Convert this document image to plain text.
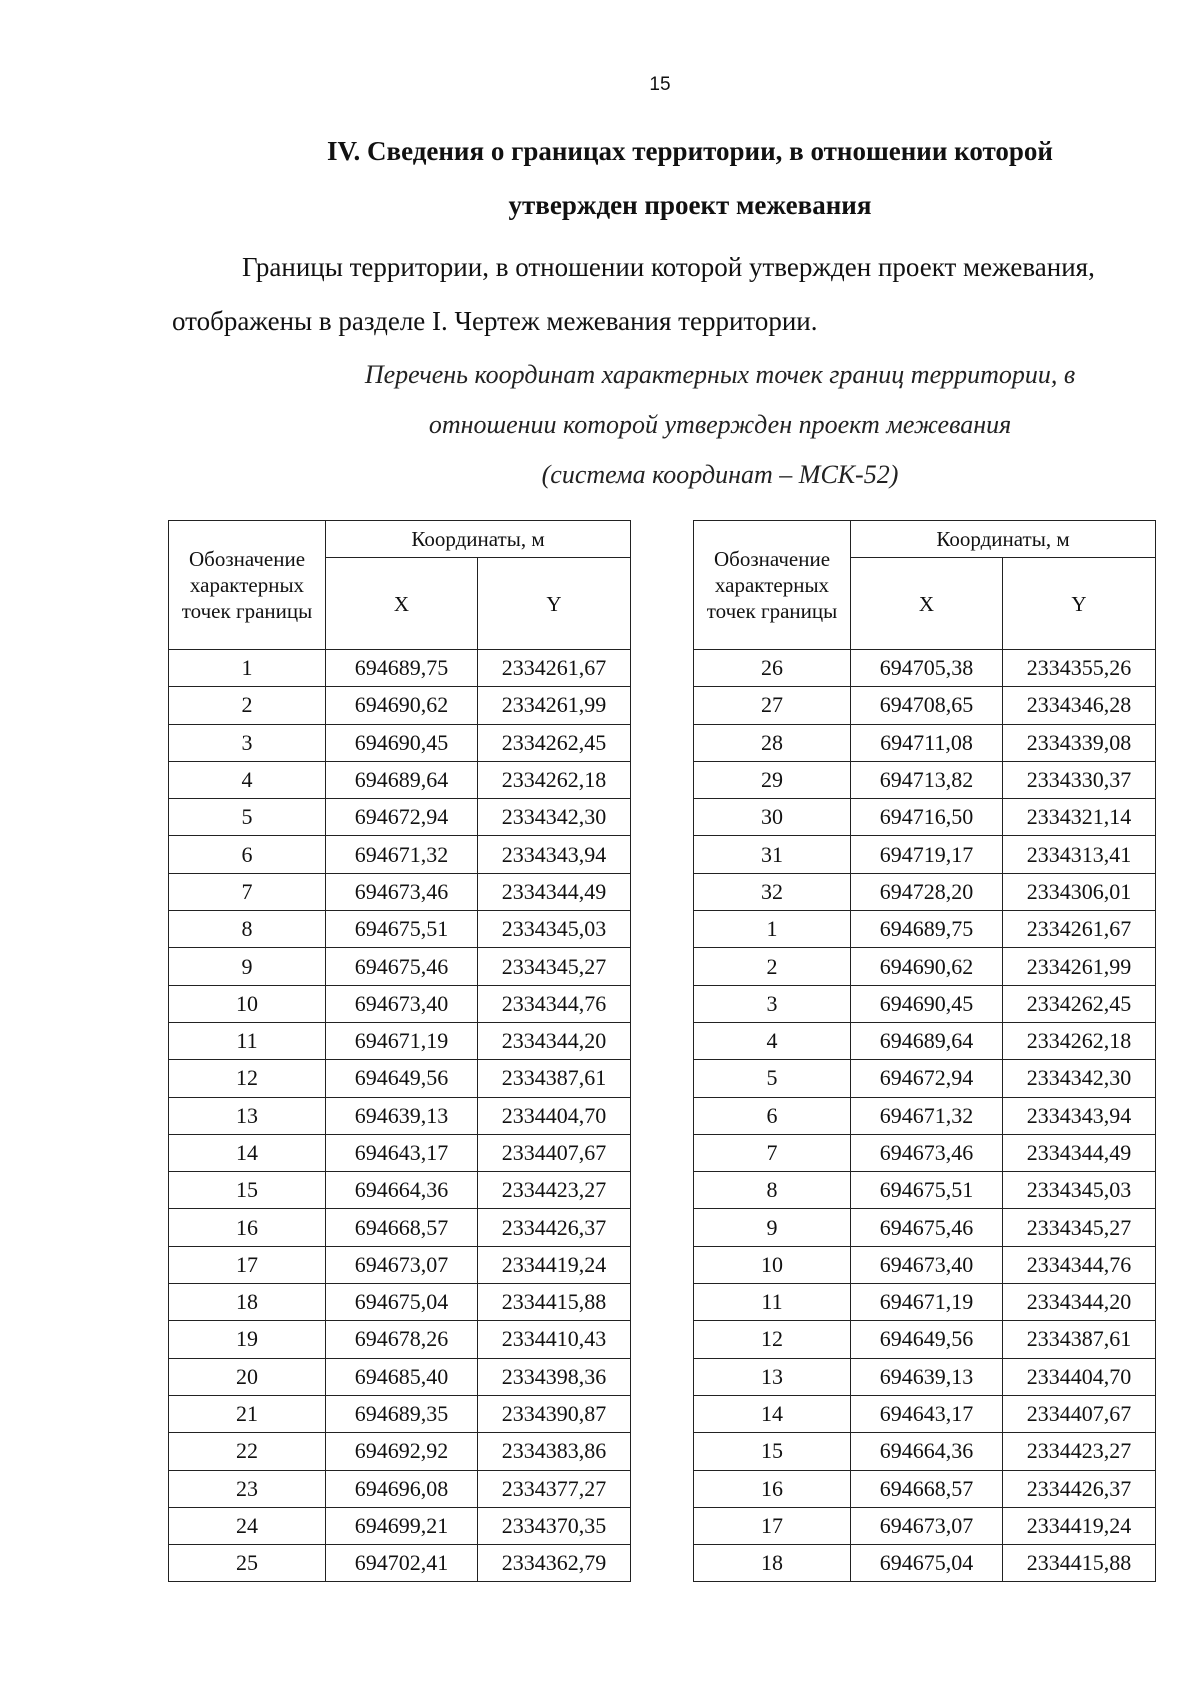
15
IV. Сведения о границах территории, в отношении которой
утвержден проект межевания
Границы территории, в отношении которой утвержден проект межевания,
отображены в разделе I. Чертеж межевания территории.
Перечень координат характерных точек границ территории, в
отношении которой утвержден проект межевания
(система координат – МСК-52)
Обозначение характерных точек границы	Координаты, м	
	X	Y
1	694689,75	2334261,67
2	694690,62	2334261,99
3	694690,45	2334262,45
4	694689,64	2334262,18
5	694672,94	2334342,30
6	694671,32	2334343,94
7	694673,46	2334344,49
8	694675,51	2334345,03
9	694675,46	2334345,27
10	694673,40	2334344,76
11	694671,19	2334344,20
12	694649,56	2334387,61
13	694639,13	2334404,70
14	694643,17	2334407,67
15	694664,36	2334423,27
16	694668,57	2334426,37
17	694673,07	2334419,24
18	694675,04	2334415,88
19	694678,26	2334410,43
20	694685,40	2334398,36
21	694689,35	2334390,87
22	694692,92	2334383,86
23	694696,08	2334377,27
24	694699,21	2334370,35
25	694702,41	2334362,79
Обозначение характерных точек границы	Координаты, м	
	X	Y
26	694705,38	2334355,26
27	694708,65	2334346,28
28	694711,08	2334339,08
29	694713,82	2334330,37
30	694716,50	2334321,14
31	694719,17	2334313,41
32	694728,20	2334306,01
1	694689,75	2334261,67
2	694690,62	2334261,99
3	694690,45	2334262,45
4	694689,64	2334262,18
5	694672,94	2334342,30
6	694671,32	2334343,94
7	694673,46	2334344,49
8	694675,51	2334345,03
9	694675,46	2334345,27
10	694673,40	2334344,76
11	694671,19	2334344,20
12	694649,56	2334387,61
13	694639,13	2334404,70
14	694643,17	2334407,67
15	694664,36	2334423,27
16	694668,57	2334426,37
17	694673,07	2334419,24
18	694675,04	2334415,88
